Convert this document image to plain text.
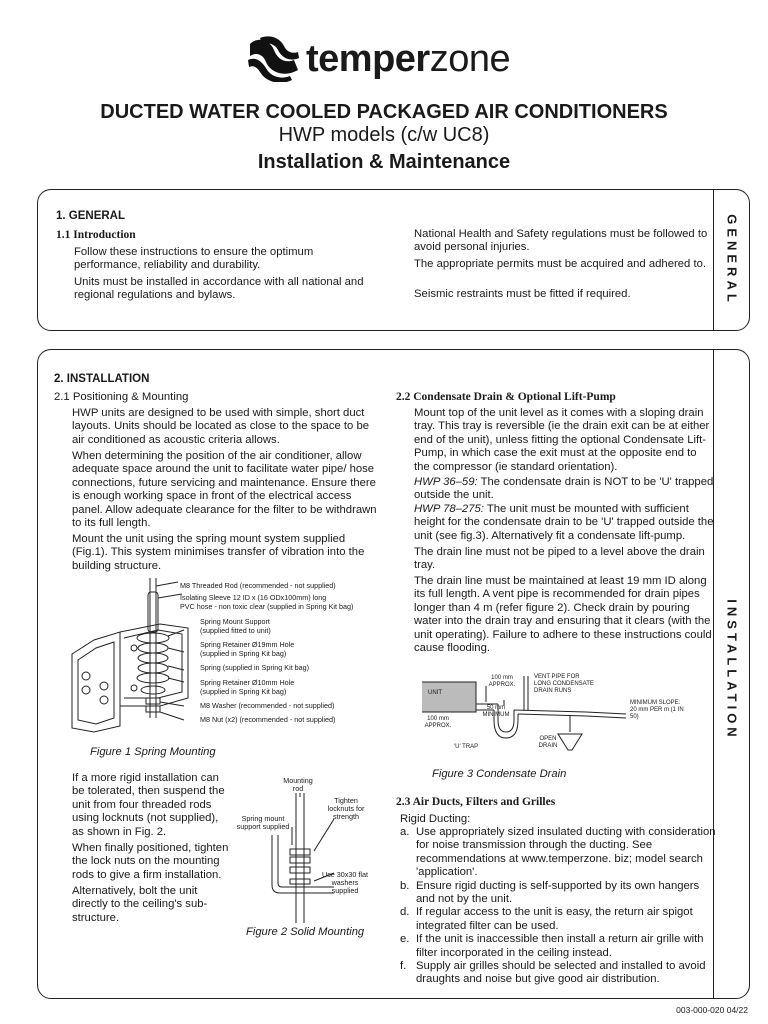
temperzone
DUCTED WATER COOLED PACKAGED AIR CONDITIONERS
HWP models (c/w UC8)
Installation & Maintenance
GENERAL
1. GENERAL
1.1 Introduction
Follow these instructions to ensure the optimum performance, reliability and durability.
Units must be installed in accordance with all national and regional regulations and bylaws.
National Health and Safety regulations must be followed to avoid personal injuries.
The appropriate permits must be acquired and adhered to.
Seismic restraints must be fitted if required.
INSTALLATION
2. INSTALLATION
2.1 Positioning & Mounting
HWP units are designed to be used with simple, short duct layouts. Units should be located as close to the space to be air conditioned as acoustic criteria allows.
When determining the position of the air conditioner, allow adequate space around the unit to facilitate water pipe/ hose connections, future servicing and maintenance. Ensure there is enough working space in front of the electrical access panel. Allow adequate clearance for the filter to be withdrawn to its full length.
Mount the unit using the spring mount system supplied (Fig.1). This system minimises transfer of vibration into the building structure.
M8 Threaded Rod (recommended - not supplied)
Isolating Sleeve 12 ID x (16 ODx100mm) long
PVC hose - non toxic clear (supplied in Spring Kit bag)
Spring Mount Support
(supplied fitted to unit)
Spring Retainer Ø19mm Hole
(supplied in Spring Kit bag)
Spring (supplied in Spring Kit bag)
Spring Retainer Ø10mm Hole
(supplied in Spring Kit bag)
M8 Washer (recommended - not supplied)
M8 Nut (x2) (recommended - not supplied)
Figure 1 Spring Mounting
If a more rigid installation can be tolerated, then suspend the unit from four threaded rods using locknuts (not supplied), as shown in Fig. 2.
When finally positioned, tighten the lock nuts on the mounting rods to give a firm installation.
Alternatively, bolt the unit directly to the ceiling's sub-structure.
Mounting rod
Spring mount support supplied
Tighten locknuts for strength
Use 30x30 flat washers supplied
Figure 2 Solid Mounting
2.2 Condensate Drain & Optional Lift-Pump
Mount top of the unit level as it comes with a sloping drain tray. This tray is reversible (ie the drain exit can be at either end of the unit), unless fitting the optional Condensate Lift-Pump, in which case the exit must at the opposite end to the compressor (ie standard orientation).
HWP 36–59: The condensate drain is NOT to be 'U' trapped outside the unit.
HWP 78–275: The unit must be mounted with sufficient height for the condensate drain to be 'U' trapped outside the unit (see fig.3). Alternatively fit a condensate lift-pump.
The drain line must not be piped to a level above the drain tray.
The drain line must be maintained at least 19 mm ID along its full length. A vent pipe is recommended for drain pipes longer than 4 m (refer figure 2). Check drain by pouring water into the drain tray and ensuring that it clears (with the unit operating). Failure to adhere to these instructions could cause flooding.
UNIT
100 mm APPROX.
50 mm MINIMUM
100 mm APPROX.
VENT PIPE FOR LONG CONDENSATE DRAIN RUNS
MINIMUM SLOPE: 20 mm PER m (1 IN 50)
OPEN DRAIN
'U' TRAP
Figure 3 Condensate Drain
2.3 Air Ducts, Filters and Grilles
Rigid Ducting:
a. Use appropriately sized insulated ducting with consideration for noise transmission through the ducting. See recommendations at www.temperzone. biz; model search 'application'.
b. Ensure rigid ducting is self-supported by its own hangers and not by the unit.
d. If regular access to the unit is easy, the return air spigot integrated filter can be used.
e. If the unit is inaccessible then install a return air grille with filter incorporated in the ceiling instead.
f. Supply air grilles should be selected and installed to avoid draughts and noise but give good air distribution.
003-000-020 04/22
